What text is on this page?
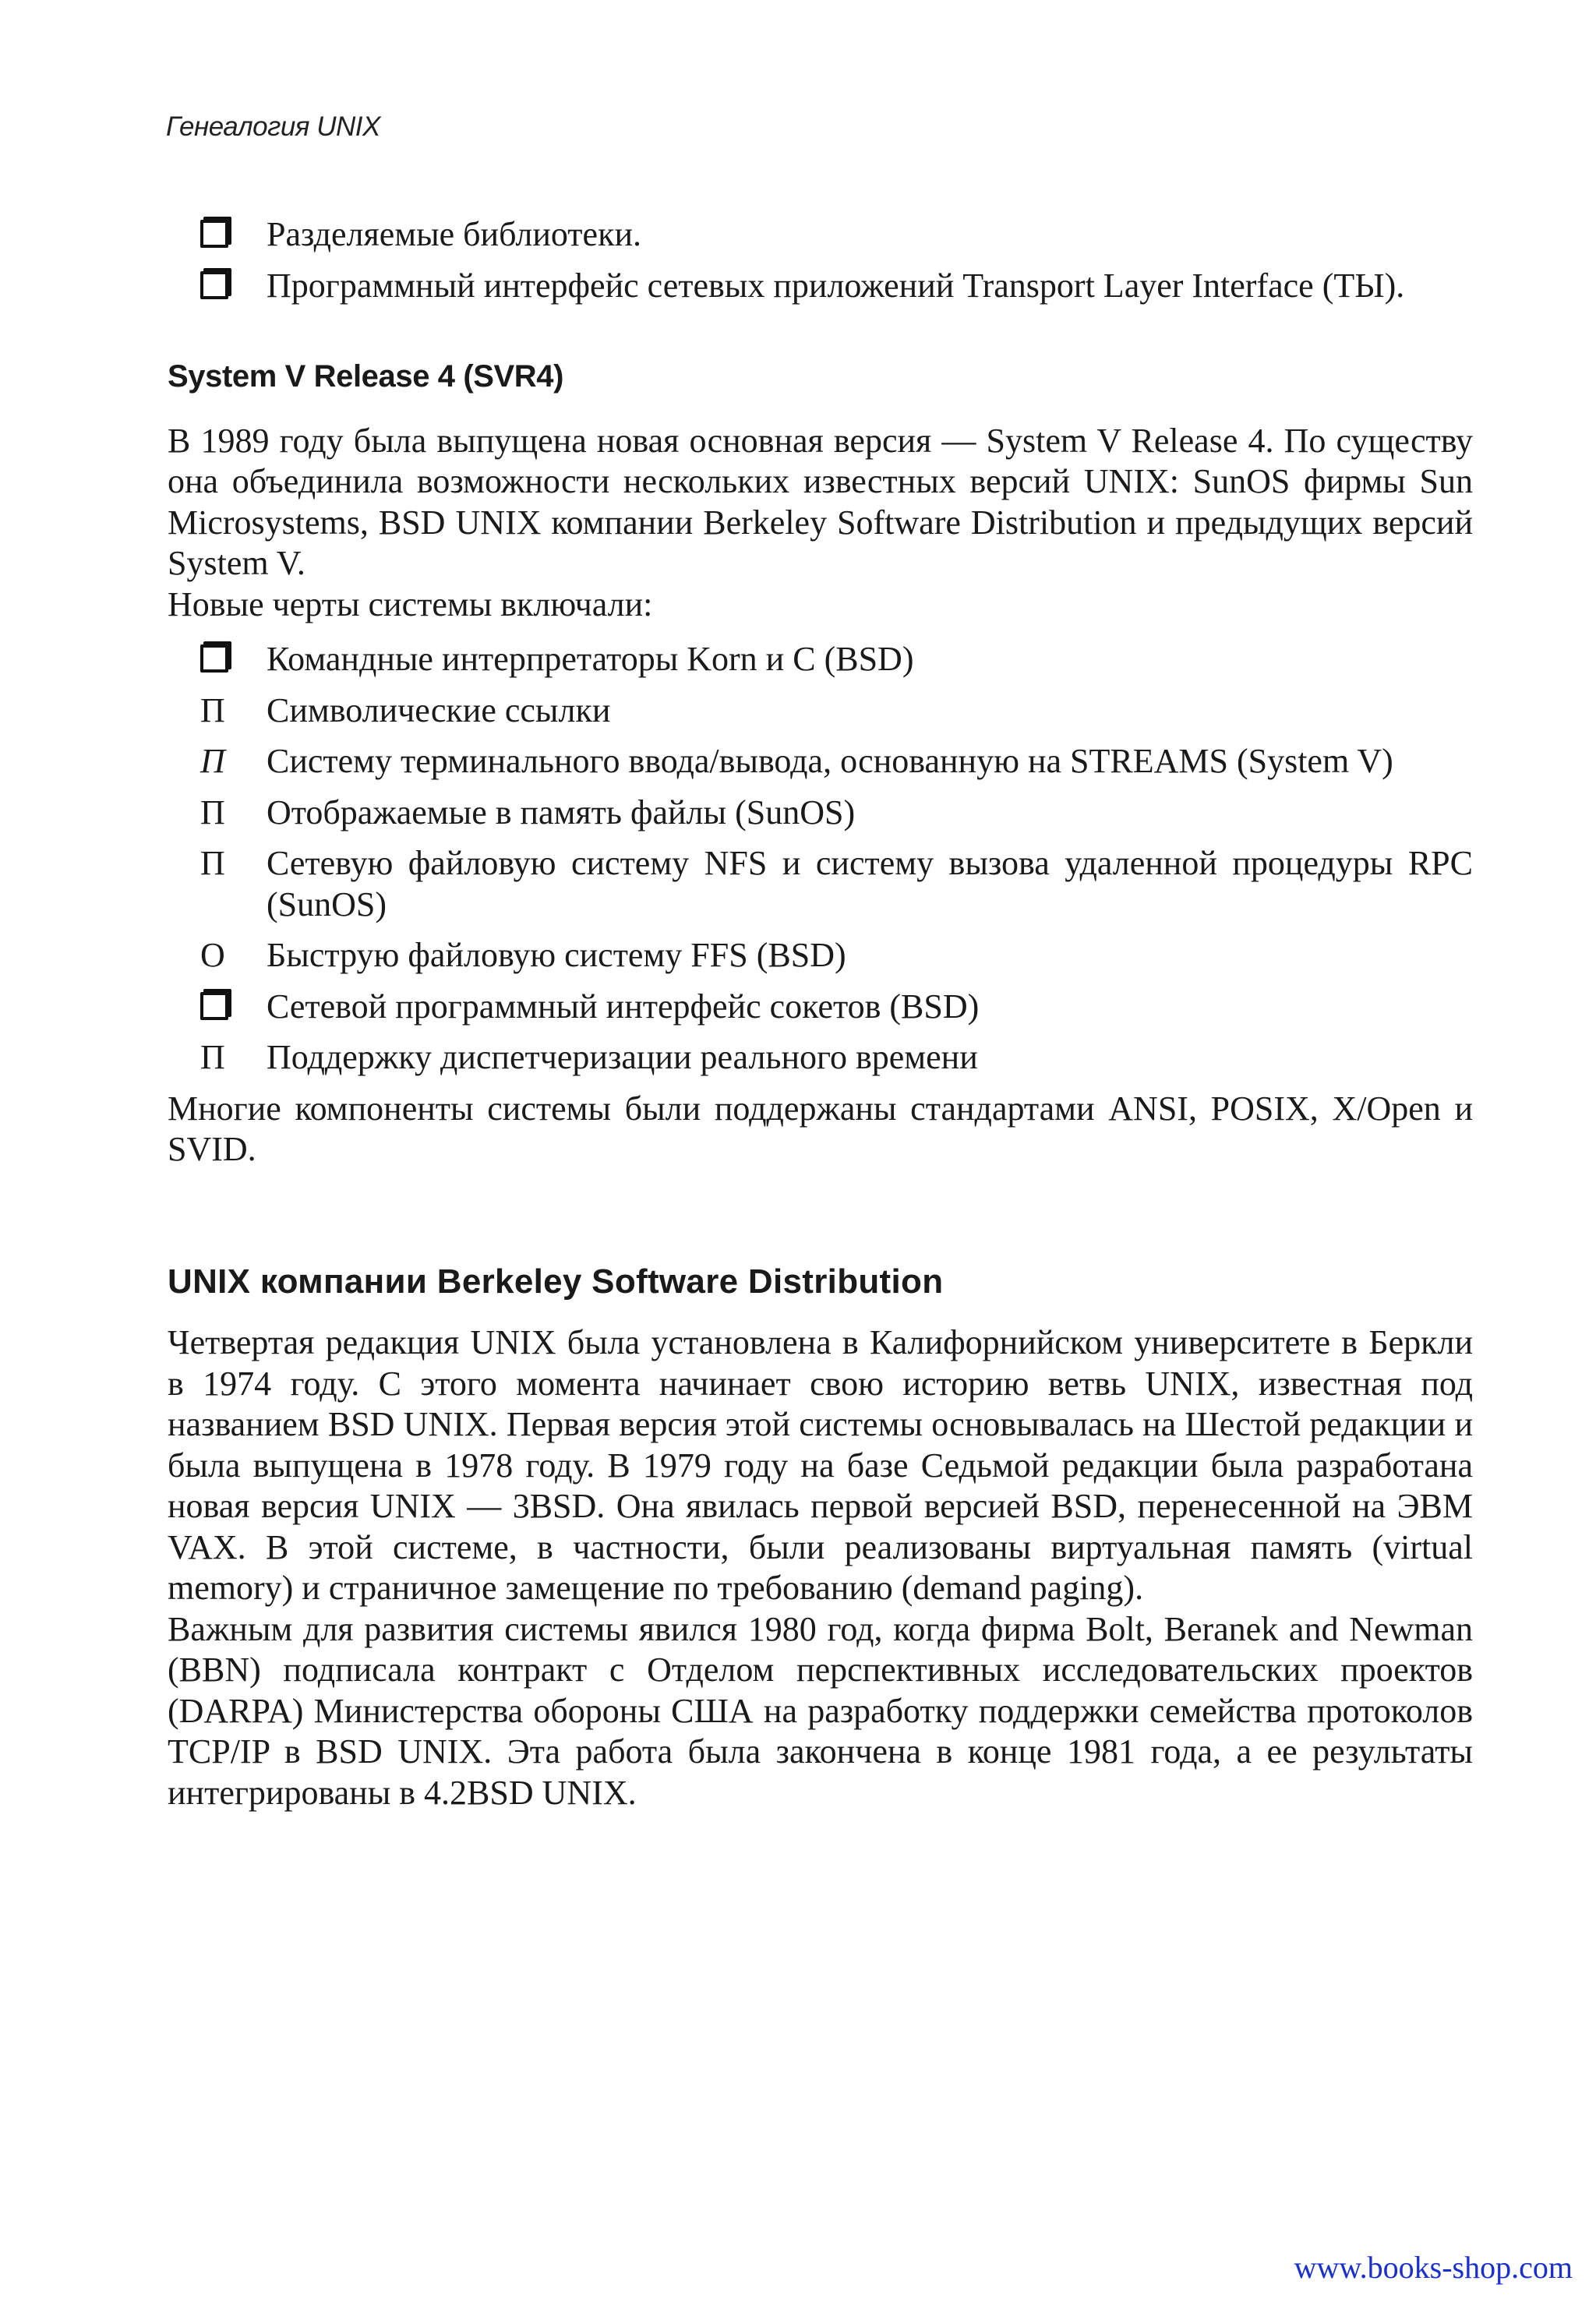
Генеалогия UNIX
Разделяемые библиотеки.
Программный интерфейс сетевых приложений Transport Layer Interface (ТЫ).
System V Release 4 (SVR4)

В 1989 году была выпущена новая основная версия — System V Release 4. По существу она объединила возможности нескольких известных версий UNIX: SunOS фирмы Sun Microsystems, BSD UNIX компании Berkeley Software Distribution и предыдущих версий System V.

Новые черты системы включали:

Командные интерпретаторы Korn и С (BSD)
П	Символические ссылки
П	Систему терминального ввода/вывода, основанную на STREAMS (System V)
П	Отображаемые в память файлы (SunOS)
П	Сетевую файловую систему NFS и систему вызова удаленной процедуры RPC (SunOS)
О	Быструю файловую систему FFS (BSD)
Сетевой программный интерфейс сокетов (BSD)
П	Поддержку диспетчеризации реального времени

Многие компоненты системы были поддержаны стандартами ANSI, POSIX, X/Open и SVID.

UNIX компании Berkeley Software Distribution

Четвертая редакция UNIX была установлена в Калифорнийском университете в Беркли в 1974 году. С этого момента начинает свою историю ветвь UNIX, известная под названием BSD UNIX. Первая версия этой системы основывалась на Шестой редакции и была выпущена в 1978 году. В 1979 году на базе Седьмой редакции была разработана новая версия UNIX — 3BSD. Она явилась первой версией BSD, перенесенной на ЭВМ VAX. В этой системе, в частности, были реализованы виртуальная память (virtual memory) и страничное замещение по требованию (demand paging).

Важным для развития системы явился 1980 год, когда фирма Bolt, Beranek and Newman (BBN) подписала контракт с Отделом перспективных исследовательских проектов (DARPA) Министерства обороны США на разработку поддержки семейства протоколов TCP/IP в BSD UNIX. Эта работа была закончена в конце 1981 года, а ее результаты интегрированы в 4.2BSD UNIX.

www.books-shop.com
